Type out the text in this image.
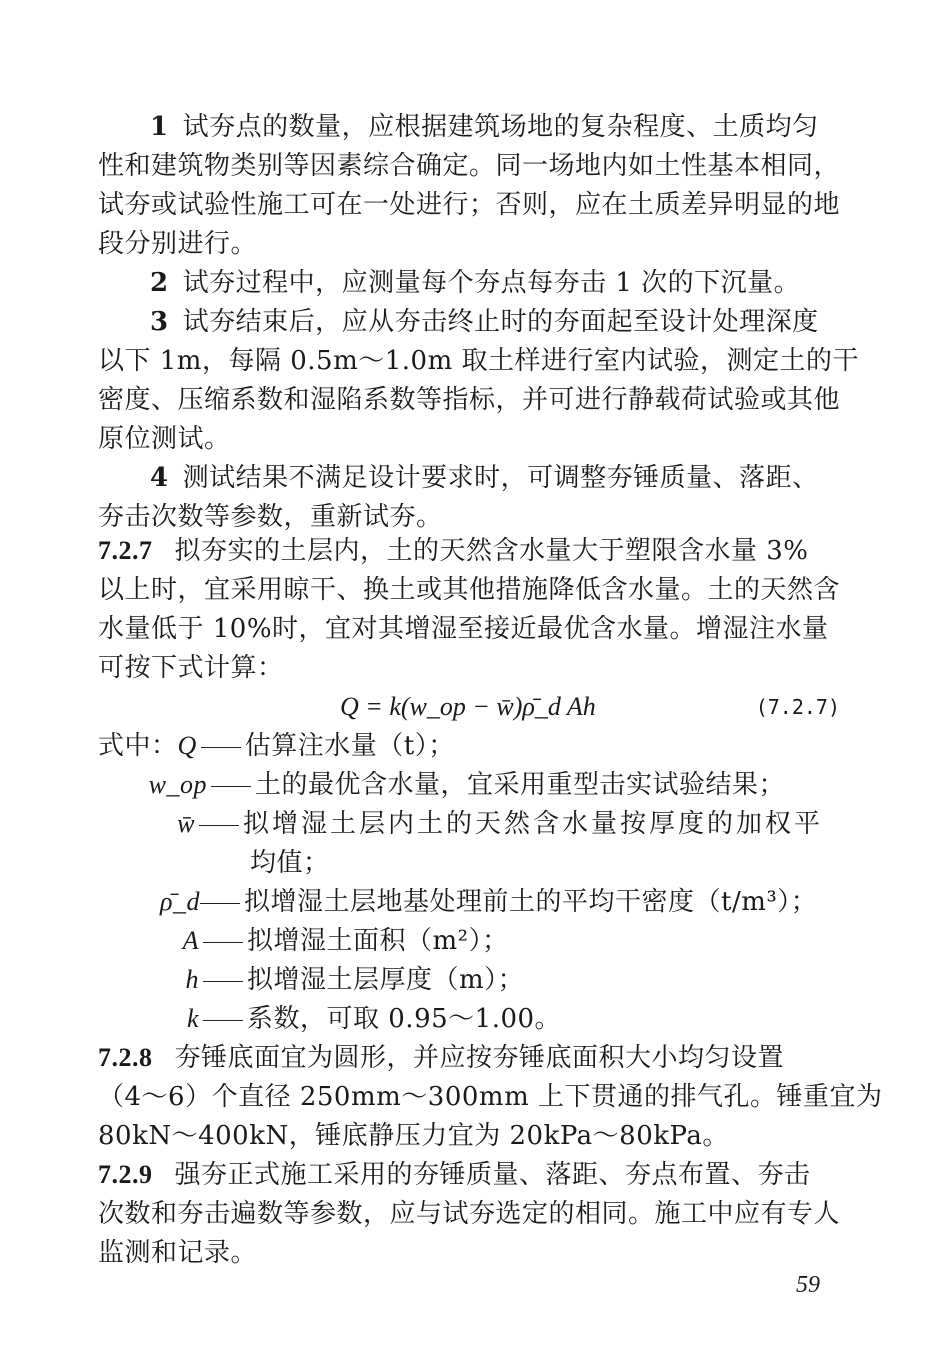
1 试夯点的数量，应根据建筑场地的复杂程度、土质均匀
性和建筑物类别等因素综合确定。同一场地内如土性基本相同，
试夯或试验性施工可在一处进行；否则，应在土质差异明显的地
段分别进行。
2 试夯过程中，应测量每个夯点每夯击 1 次的下沉量。
3 试夯结束后，应从夯击终止时的夯面起至设计处理深度
以下 1m，每隔 0.5m～1.0m 取土样进行室内试验，测定土的干
密度、压缩系数和湿陷系数等指标，并可进行静载荷试验或其他
原位测试。
4 测试结果不满足设计要求时，可调整夯锤质量、落距、
夯击次数等参数，重新试夯。
7.2.7 拟夯实的土层内，土的天然含水量大于塑限含水量 3%
以上时，宜采用晾干、换土或其他措施降低含水量。土的天然含
水量低于 10%时，宜对其增湿至接近最优含水量。增湿注水量
可按下式计算：
Q = k(w_op − w̄)ρ̄_d Ah	(7.2.7)
式中：Q 估算注水量（t）；
w_op 土的最优含水量，宜采用重型击实试验结果；
w̄ 拟增湿土层内土的天然含水量按厚度的加权平
均值；
ρ̄_d 拟增湿土层地基处理前土的平均干密度（t/m³）；
A 拟增湿土面积（m²）；
h 拟增湿土层厚度（m）；
k 系数，可取 0.95～1.00。
7.2.8 夯锤底面宜为圆形，并应按夯锤底面积大小均匀设置
（4～6）个直径 250mm～300mm 上下贯通的排气孔。锤重宜为
80kN～400kN，锤底静压力宜为 20kPa～80kPa。
7.2.9 强夯正式施工采用的夯锤质量、落距、夯点布置、夯击
次数和夯击遍数等参数，应与试夯选定的相同。施工中应有专人
监测和记录。
59
